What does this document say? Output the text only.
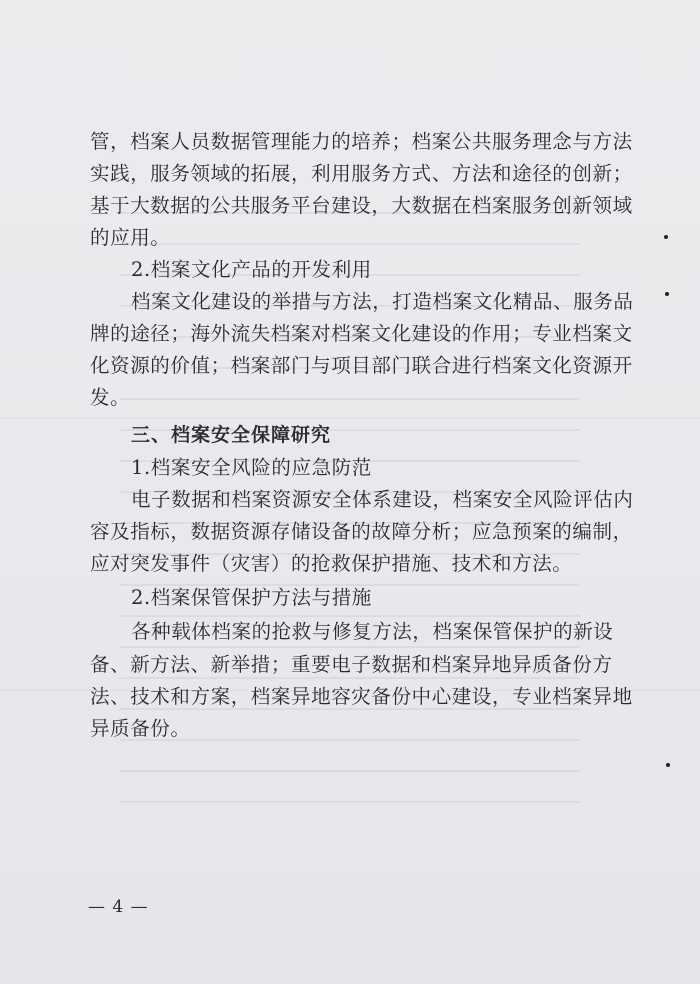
管，档案人员数据管理能力的培养；档案公共服务理念与方法
实践，服务领域的拓展，利用服务方式、方法和途径的创新；
基于大数据的公共服务平台建设，大数据在档案服务创新领域
的应用。
2.档案文化产品的开发利用
档案文化建设的举措与方法，打造档案文化精品、服务品
牌的途径；海外流失档案对档案文化建设的作用；专业档案文
化资源的价值；档案部门与项目部门联合进行档案文化资源开
发。
三、档案安全保障研究
1.档案安全风险的应急防范
电子数据和档案资源安全体系建设，档案安全风险评估内
容及指标，数据资源存储设备的故障分析；应急预案的编制，
应对突发事件（灾害）的抢救保护措施、技术和方法。
2.档案保管保护方法与措施
各种载体档案的抢救与修复方法，档案保管保护的新设
备、新方法、新举措；重要电子数据和档案异地异质备份方
法、技术和方案，档案异地容灾备份中心建设，专业档案异地
异质备份。
— 4 —
